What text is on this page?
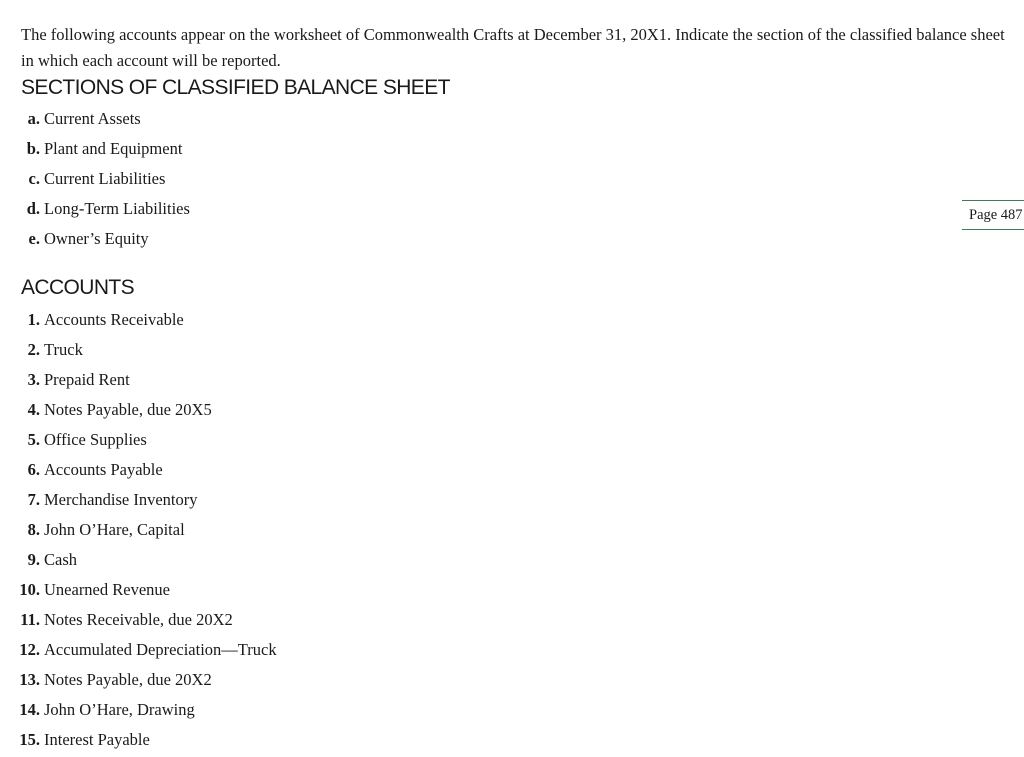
The following accounts appear on the worksheet of Commonwealth Crafts at December 31, 20X1. Indicate the section of the classified balance sheet in which each account will be reported.

SECTIONS OF CLASSIFIED BALANCE SHEET
a. Current Assets
b. Plant and Equipment
c. Current Liabilities
d. Long-Term Liabilities
e. Owner’s Equity
Page 487
ACCOUNTS
1. Accounts Receivable
2. Truck
3. Prepaid Rent
4. Notes Payable, due 20X5
5. Office Supplies
6. Accounts Payable
7. Merchandise Inventory
8. John O’Hare, Capital
9. Cash
10. Unearned Revenue
11. Notes Receivable, due 20X2
12. Accumulated Depreciation—Truck
13. Notes Payable, due 20X2
14. John O’Hare, Drawing
15. Interest Payable
